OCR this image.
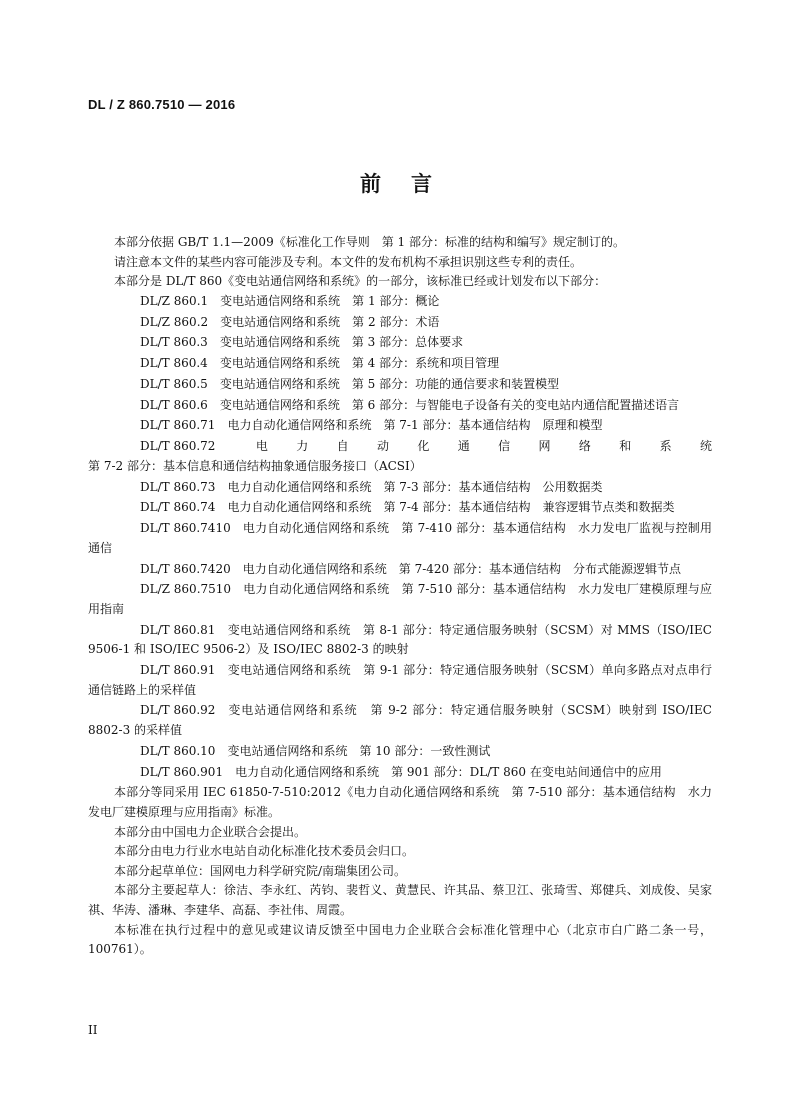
DL / Z 860.7510 — 2016
前言

本部分依据 GB/T 1.1—2009《标准化工作导则　第 1 部分：标准的结构和编写》规定制订的。

请注意本文件的某些内容可能涉及专利。本文件的发布机构不承担识别这些专利的责任。

本部分是 DL/T 860《变电站通信网络和系统》的一部分，该标准已经或计划发布以下部分：

DL/Z 860.1 变电站通信网络和系统　 第 1 部分：概论

DL/Z 860.2 变电站通信网络和系统　 第 2 部分：术语

DL/T 860.3 变电站通信网络和系统　 第 3 部分：总体要求

DL/T 860.4 变电站通信网络和系统　 第 4 部分：系统和项目管理

DL/T 860.5 变电站通信网络和系统　 第 5 部分：功能的通信要求和装置模型

DL/T 860.6 变电站通信网络和系统　 第 6 部分：与智能电子设备有关的变电站内通信配置描述语言

DL/T 860.71 电力自动化通信网络和系统　 第 7-1 部分：基本通信结构　原理和模型

DL/T 860.72 电力自动化通信网络和系统　第 7-2 部分：基本信息和通信结构抽象通信服务接口（ACSI）

DL/T 860.73 电力自动化通信网络和系统　 第 7-3 部分：基本通信结构　公用数据类

DL/T 860.74 电力自动化通信网络和系统　 第 7-4 部分：基本通信结构　兼容逻辑节点类和数据类

DL/T 860.7410 电力自动化通信网络和系统　 第 7-410 部分：基本通信结构　水力发电厂监视与控制用通信

DL/T 860.7420 电力自动化通信网络和系统　 第 7-420 部分：基本通信结构　分布式能源逻辑节点

DL/Z 860.7510 电力自动化通信网络和系统　 第 7-510 部分：基本通信结构　水力发电厂建模原理与应用指南

DL/T 860.81 变电站通信网络和系统　 第 8-1 部分：特定通信服务映射（SCSM）对 MMS（ISO/IEC 9506-1 和 ISO/IEC 9506-2）及 ISO/IEC 8802-3 的映射

DL/T 860.91 变电站通信网络和系统　 第 9-1 部分：特定通信服务映射（SCSM）单向多路点对点串行通信链路上的采样值

DL/T 860.92 变电站通信网络和系统　 第 9-2 部分：特定通信服务映射（SCSM）映射到 ISO/IEC 8802-3 的采样值

DL/T 860.10 变电站通信网络和系统　 第 10 部分：一致性测试

DL/T 860.901 电力自动化通信网络和系统　 第 901 部分：DL/T 860 在变电站间通信中的应用

本部分等同采用 IEC 61850-7-510:2012《电力自动化通信网络和系统　第 7-510 部分：基本通信结构　水力发电厂建模原理与应用指南》标准。

本部分由中国电力企业联合会提出。

本部分由电力行业水电站自动化标准化技术委员会归口。

本部分起草单位：国网电力科学研究院/南瑞集团公司。

本部分主要起草人：徐洁、李永红、芮钧、裴哲义、黄慧民、许其品、蔡卫江、张琦雪、郑健兵、刘成俊、吴家祺、华涛、潘琳、李建华、高磊、李社伟、周霞。

本标准在执行过程中的意见或建议请反馈至中国电力企业联合会标准化管理中心（北京市白广路二条一号，100761）。

II
